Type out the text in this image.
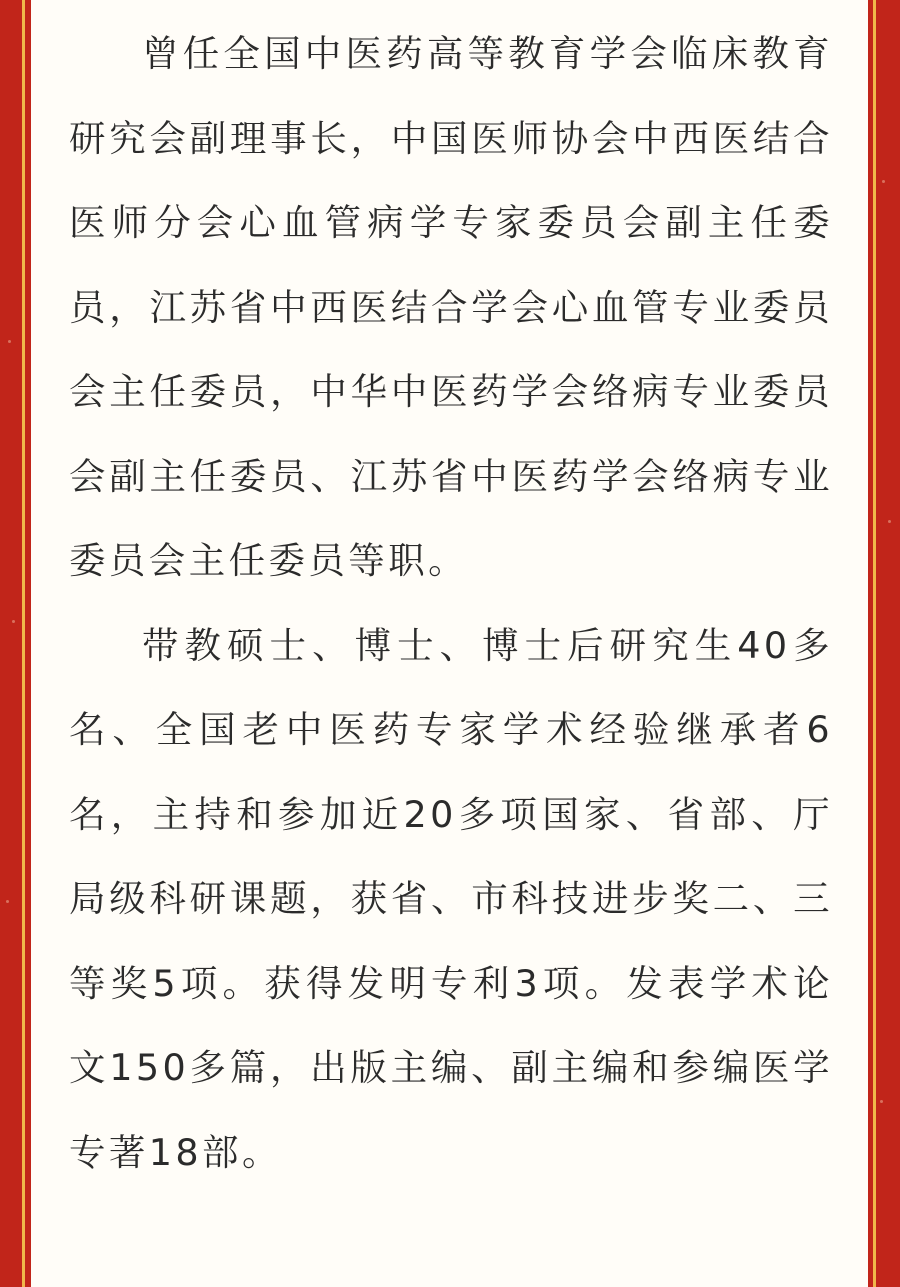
曾任全国中医药高等教育学会临床教育研究会副理事长，中国医师协会中西医结合医师分会心血管病学专家委员会副主任委员，江苏省中西医结合学会心血管专业委员会主任委员，中华中医药学会络病专业委员会副主任委员、江苏省中医药学会络病专业委员会主任委员等职。

带教硕士、博士、博士后研究生40多名、全国老中医药专家学术经验继承者6名，主持和参加近20多项国家、省部、厅局级科研课题，获省、市科技进步奖二、三等奖5项。获得发明专利3项。发表学术论文150多篇，出版主编、副主编和参编医学专著18部。
